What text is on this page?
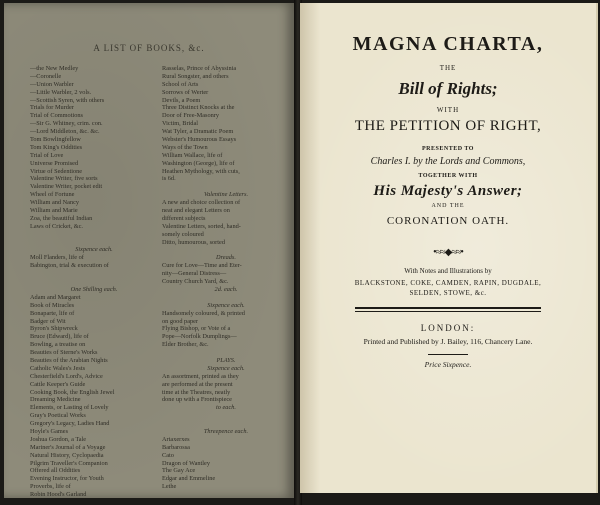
A LIST OF BOOKS, &c.
—the New Medley
—Coronelle
—Union Warbler
—Little Warbler, 2 vols.
—Scottish Syren, with others
Trials for Murder
Trial of Commotions
—Sir G. Whitney, crim. con.
—Lord Middleton, &c. &c.
Tom Bowlingfellow
Tom King's Oddities
Trial of Love
Universe Promised
Virtue of Sedentione
Valentine Writer, five sorts
Valentine Writer, pocket edit
Wheel of Fortune
William and Nancy
William and Marie
Zoa, the beautiful Indian
Laws of Cricket, &c.
Sixpence each.
Moll Flanders, life of
Babington, trial & execution of
One Shilling each.
Adam and Margaret
Book of Miracles
Bonaparte, life of
Badger of Wit
Byron's Shipwreck
Bruce (Edward), life of
Bowling, a treatise on
Beauties of Sterne's Works
Beauties of the Arabian Nights
Catholic Wales's Jests
Chesterfield's Lord's, Advice
Cattle Keeper's Guide
Cooking Book, the English Jewel
Dreaming Medicine
Elements, or Lasting of Lovely
Gray's Poetical Works
Gregory's Legacy, Ladies Hand
Hoyle's Games
Joshua Gordon, a Tale
Mariner's Journal of a Voyage
Natural History, Cyclopaedia
Pilgrim Traveller's Companion
Offered all Oddities
Evening Instructor, for Youth
Proverbs, life of
Robin Hood's Garland
Rasselas, Prince of Abyssinia
Rural Songster, and others
School of Arts
Sorrows of Werter
Devils, a Poem
Three Distinct Knocks at the
Door of Free-Masonry
Victim, Bridal
Wat Tyler, a Dramatic Poem
Webster's Humourous Essays
Ways of the Town
William Wallace, life of
Washington (George), life of
Heathen Mythology, with cuts,
is 6d.
Valentine Letters.
A new and choice collection of
neat and elegant Letters on
different subjects
Valentine Letters, sorted, hand-
somely coloured
Ditto, humourous, sorted
Dreads.
Cure for Love—Time and Eter-
nity—General Distress—
Country Church Yard, &c.
2d. each.
Sixpence each.
Handsomely coloured, & printed
on good paper
Flying Bishop, or Vote of a
Pope—Norfolk Dumplings—
Elder Brother, &c.
PLAYS.
Sixpence each.
An assortment, printed as they
are performed at the present
time at the Theatres, neatly
done up with a Frontispiece
to each.
Threepence each.
Artaxerxes
Barbarossa
Cato
Dragon of Wantley
The Gay Ace
Edgar and Emmeline
Lethe
MAGNA CHARTA,
THE
Bill of Rights;
WITH
THE PETITION OF RIGHT,
PRESENTED TO
Charles I. by the Lords and Commons,
TOGETHER WITH
His Majesty's Answer;
AND THE
CORONATION OATH.
•≈≈◆≈≈•
With Notes and Illustrations by
BLACKSTONE, COKE, CAMDEN, RAPIN, DUGDALE,
SELDEN, STOWE, &c.
LONDON:
Printed and Published by J. Bailey, 116, Chancery Lane.
Price Sixpence.
